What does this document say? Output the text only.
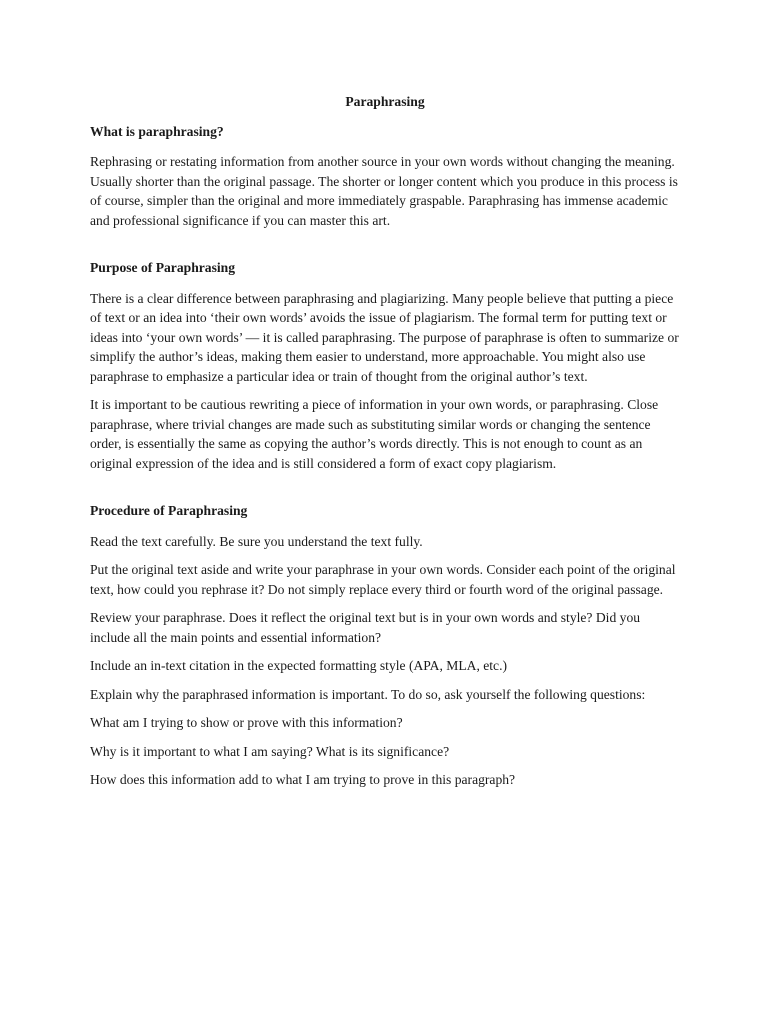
Paraphrasing
What is paraphrasing?

Rephrasing or restating information from another source in your own words without changing the meaning. Usually shorter than the original passage. The shorter or longer content which you produce in this process is of course, simpler than the original and more immediately graspable. Paraphrasing has immense academic and professional significance if you can master this art.

Purpose of Paraphrasing

There is a clear difference between paraphrasing and plagiarizing. Many people believe that putting a piece of text or an idea into ‘their own words’ avoids the issue of plagiarism. The formal term for putting text or ideas into ‘your own words’ — it is called paraphrasing. The purpose of paraphrase is often to summarize or simplify the author’s ideas, making them easier to understand, more approachable. You might also use paraphrase to emphasize a particular idea or train of thought from the original author’s text.

It is important to be cautious rewriting a piece of information in your own words, or paraphrasing. Close paraphrase, where trivial changes are made such as substituting similar words or changing the sentence order, is essentially the same as copying the author’s words directly. This is not enough to count as an original expression of the idea and is still considered a form of exact copy plagiarism.

Procedure of Paraphrasing

Read the text carefully. Be sure you understand the text fully.

Put the original text aside and write your paraphrase in your own words. Consider each point of the original text, how could you rephrase it? Do not simply replace every third or fourth word of the original passage.

Review your paraphrase. Does it reflect the original text but is in your own words and style? Did you include all the main points and essential information?

Include an in-text citation in the expected formatting style (APA, MLA, etc.)

Explain why the paraphrased information is important. To do so, ask yourself the following questions:

What am I trying to show or prove with this information?

Why is it important to what I am saying? What is its significance?

How does this information add to what I am trying to prove in this paragraph?
